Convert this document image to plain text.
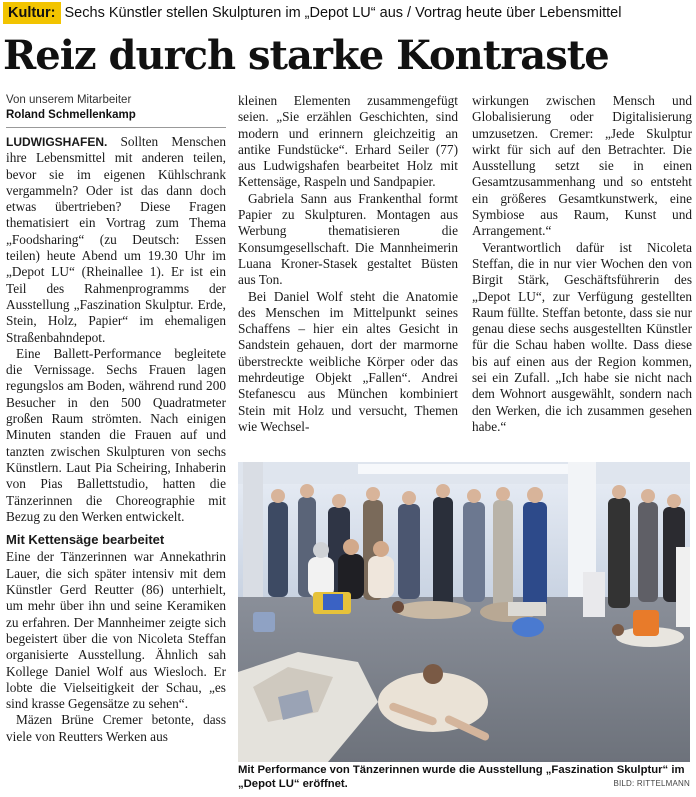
Kultur: Sechs Künstler stellen Skulpturen im „Depot LU“ aus / Vortrag heute über Lebensmittel
Reiz durch starke Kontraste
Von unserem Mitarbeiter
Roland Schmellenkamp

LUDWIGSHAFEN. Sollten Menschen ihre Lebensmittel mit anderen teilen, bevor sie im eigenen Kühlschrank vergammeln? Oder ist das dann doch etwas übertrieben? Diese Fragen thematisiert ein Vortrag zum Thema „Foodsharing“ (zu Deutsch: Essen teilen) heute Abend um 19.30 Uhr im „Depot LU“ (Rheinallee 1). Er ist ein Teil des Rahmenprogramms der Ausstellung „Faszination Skulptur. Erde, Stein, Holz, Papier“ im ehemaligen Straßenbahndepot.

Eine Ballett-Performance begleitete die Vernissage. Sechs Frauen lagen regungslos am Boden, während rund 200 Besucher in den 500 Quadratmeter großen Raum strömten. Nach einigen Minuten standen die Frauen auf und tanzten zwischen Skulpturen von sechs Künstlern. Laut Pia Scheiring, Inhaberin von Pias Ballettstudio, hatten die Tänzerinnen die Choreographie mit Bezug zu den Werken entwickelt.

Mit Kettensäge bearbeitet

Eine der Tänzerinnen war Annekathrin Lauer, die sich später intensiv mit dem Künstler Gerd Reutter (86) unterhielt, um mehr über ihn und seine Keramiken zu erfahren. Der Mannheimer zeigte sich begeistert über die von Nicoleta Steffan organisierte Ausstellung. Ähnlich sah Kollege Daniel Wolf aus Wiesloch. Er lobte die Vielseitigkeit der Schau, „es sind krasse Gegensätze zu sehen“.

Mäzen Brüne Cremer betonte, dass viele von Reutters Werken aus

kleinen Elementen zusammengefügt seien. „Sie erzählen Geschichten, sind modern und erinnern gleichzeitig an antike Fundstücke“. Erhard Seiler (77) aus Ludwigshafen bearbeitet Holz mit Kettensäge, Raspeln und Sandpapier.

Gabriela Sann aus Frankenthal formt Papier zu Skulpturen. Montagen aus Werbung thematisieren die Konsumgesellschaft. Die Mannheimerin Luana Kroner-Stasek gestaltet Büsten aus Ton.

Bei Daniel Wolf steht die Anatomie des Menschen im Mittelpunkt seines Schaffens – hier ein altes Gesicht in Sandstein gehauen, dort der marmorne überstreckte weibliche Körper oder das mehrdeutige Objekt „Fallen“. Andrei Stefanescu aus München kombiniert Stein mit Holz und versucht, Themen wie Wechsel-

wirkungen zwischen Mensch und Globalisierung oder Digitalisierung umzusetzen. Cremer: „Jede Skulptur wirkt für sich auf den Betrachter. Die Ausstellung setzt sie in einen Gesamtzusammenhang und so entsteht ein größeres Gesamtkunstwerk, eine Symbiose aus Raum, Kunst und Arrangement.“

Verantwortlich dafür ist Nicoleta Steffan, die in nur vier Wochen den von Birgit Stärk, Geschäftsführerin des „Depot LU“, zur Verfügung gestellten Raum füllte. Steffan betonte, dass sie nur genau diese sechs ausgestellten Künstler für die Schau haben wollte. Dass diese bis auf einen aus der Region kommen, sei ein Zufall. „Ich habe sie nicht nach dem Wohnort ausgewählt, sondern nach den Werken, die ich zusammen gesehen habe.“

Mit Performance von Tänzerinnen wurde die Ausstellung „Faszination Skulptur“ im „Depot LU“ eröffnet.	BILD: RITTELMANN
